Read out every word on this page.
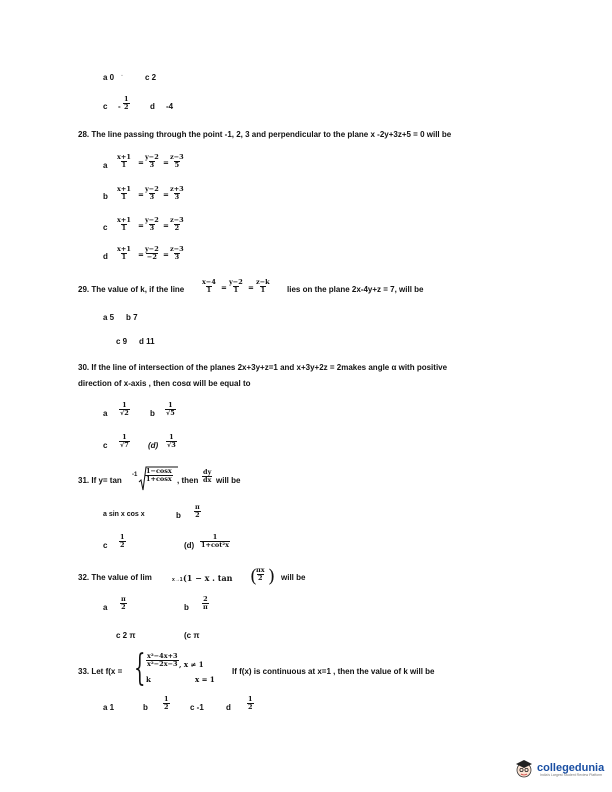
a 0 ·	c 2
c - $\frac{1}{2}$	d -4
28. The line passing through the point -1, 2, 3 and perpendicular to the plane x -2y+3z+5 = 0 will be
a $\frac{x+1}{1} = \frac{y-2}{3} = \frac{z-3}{5}$
b $\frac{x+1}{1} = \frac{y-2}{3} = \frac{z+3}{3}$
c $\frac{x+1}{1} = \frac{y-2}{3} = \frac{z-3}{2}$
d $\frac{x+1}{1} = \frac{y-2}{-2} = \frac{z-3}{3}$
29. The value of k, if the line	$\frac{x-4}{1} = \frac{y-2}{1} = \frac{z-k}{1}$ lies on the plane 2x-4y+z = 7, will be
a 5 b 7
c 9 d 11
30. If the line of intersection of the planes 2x+3y+z=1 and x+3y+2z = 2makes angle α with positive
direction of x-axis , then cosα will be equal to
a $\frac{1}{√2}$	b $\frac{1}{√5}$
c $\frac{1}{√7} (d) \frac{1}{√3}$
31. If y= tan
$-1 \frac{1-\cos x}{1+\cos x}$ , then $\frac{dy}{dx}$ will be
a sin x cos x	b $\frac{\pi}{2}$
c $\frac{1}{2}$	$(d) \frac{1}{\text{1+cot²x}}$
32. The value of lim	x→1 (1 − x . tan (
$\frac{\pi x}{2}$ ) will be
a $\frac{\pi}{2}$	b $\frac{2}{\pi}$
c 2 π	(c π
33. Let f(x = { $\frac{\text{x²−4x+3}}{\text{x²−2x−3}}$ , x ≠ 1
k	x = 1
If f(x) is continuous at x=1 , then the value of k will be
a 1	b $\frac{1}{2}$	c -1	d $\frac{1}{2}$
collegedunia
India's Largest Student Review Platform
